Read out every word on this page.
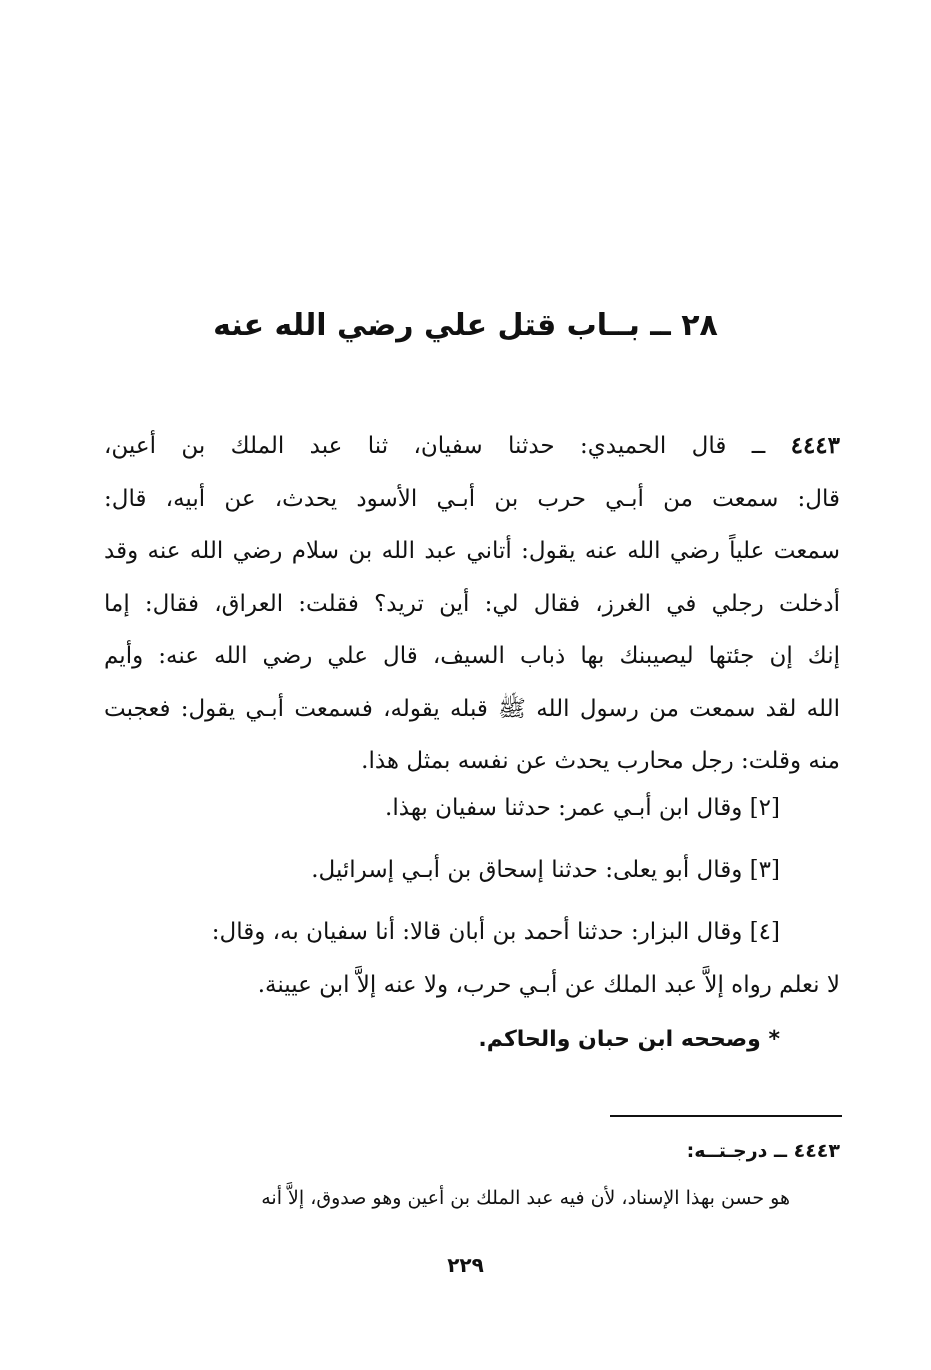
٢٨ ــ بــاب قتل علي رضي الله عنه
٤٤٤٣ ــ قال الحميدي: حدثنا سفيان، ثنا عبد الملك بن أعين،
قال: سمعت من أبـي حرب بن أبـي الأسود يحدث، عن أبيه، قال:
سمعت علياً رضي الله عنه يقول: أتاني عبد الله بن سلام رضي الله عنه وقد
أدخلت رجلي في الغرز، فقال لي: أين تريد؟ فقلت: العراق، فقال: إما
إنك إن جئتها ليصيبنك بها ذباب السيف، قال علي رضي الله عنه: وأيم
الله لقد سمعت من رسول الله ﷺ قبله يقوله، فسمعت أبـي يقول: فعجبت
منه وقلت: رجل محارب يحدث عن نفسه بمثل هذا.
[٢] وقال ابن أبـي عمر: حدثنا سفيان بهذا.
[٣] وقال أبو يعلى: حدثنا إسحاق بن أبـي إسرائيل.
[٤] وقال البزار: حدثنا أحمد بن أبان قالا: أنا سفيان به، وقال:
لا نعلم رواه إلاَّ عبد الملك عن أبـي حرب، ولا عنه إلاَّ ابن عيينة.
* وصححه ابن حبان والحاكم.
٤٤٤٣ ــ درجـتــه:
هو حسن بهذا الإسناد، لأن فيه عبد الملك بن أعين وهو صدوق، إلاَّ أنه
٢٢٩
